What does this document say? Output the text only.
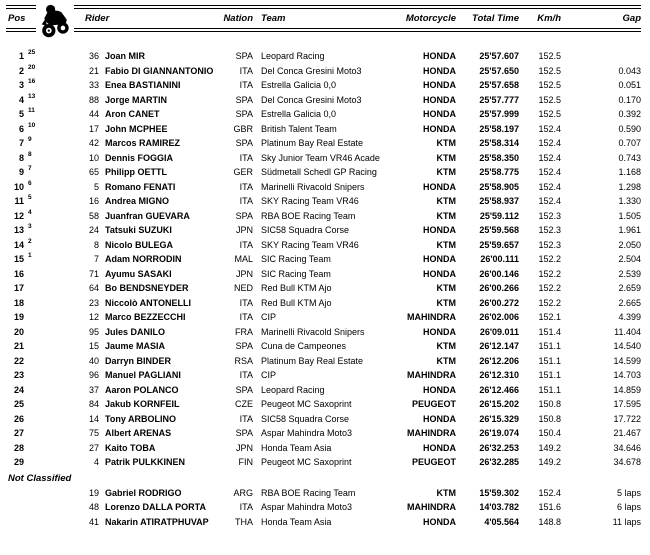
Pos	Rider	Nation Team	Motorcycle Total Time Km/h	Gap
1 25	36 Joan MIR	SPA Leopard Racing	HONDA	25'57.607	152.5
2 20	21 Fabio DI GIANNANTONIO	ITA Del Conca Gresini Moto3	HONDA	25'57.650	152.5	0.043
3 16	33 Enea BASTIANINI	ITA Estrella Galicia 0,0	HONDA	25'57.658	152.5	0.051
4 13	88 Jorge MARTIN	SPA Del Conca Gresini Moto3	HONDA	25'57.777	152.5	0.170
5 11	44 Aron CANET	SPA Estrella Galicia 0,0	HONDA	25'57.999	152.5	0.392
6 10	17 John MCPHEE	GBR British Talent Team	HONDA	25'58.197	152.4	0.590
7 9	42 Marcos RAMIREZ	SPA Platinum Bay Real Estate	KTM	25'58.314	152.4	0.707
8 8	10 Dennis FOGGIA	ITA Sky Junior Team VR46 Acade	KTM	25'58.350	152.4	0.743
9 7	65 Philipp OETTL	GER Südmetall Schedl GP Racing	KTM	25'58.775	152.4	1.168
10 6	5 Romano FENATI	ITA Marinelli Rivacold Snipers	HONDA	25'58.905	152.4	1.298
11 5	16 Andrea MIGNO	ITA SKY Racing Team VR46	KTM	25'58.937	152.4	1.330
12 4	58 Juanfran GUEVARA	SPA RBA BOE Racing Team	KTM	25'59.112	152.3	1.505
13 3	24 Tatsuki SUZUKI	JPN SIC58 Squadra Corse	HONDA	25'59.568	152.3	1.961
14 2	8 Nicolo BULEGA	ITA SKY Racing Team VR46	KTM	25'59.657	152.3	2.050
15 1	7 Adam NORRODIN	MAL SIC Racing Team	HONDA	26'00.111	152.2	2.504
16	71 Ayumu SASAKI	JPN SIC Racing Team	HONDA	26'00.146	152.2	2.539
17	64 Bo BENDSNEYDER	NED Red Bull KTM Ajo	KTM	26'00.266	152.2	2.659
18	23 Niccolò ANTONELLI	ITA Red Bull KTM Ajo	KTM	26'00.272	152.2	2.665
19	12 Marco BEZZECCHI	ITA CIP	MAHINDRA	26'02.006	152.1	4.399
20	95 Jules DANILO	FRA Marinelli Rivacold Snipers	HONDA	26'09.011	151.4	11.404
21	15 Jaume MASIA	SPA Cuna de Campeones	KTM	26'12.147	151.1	14.540
22	40 Darryn BINDER	RSA Platinum Bay Real Estate	KTM	26'12.206	151.1	14.599
23	96 Manuel PAGLIANI	ITA CIP	MAHINDRA	26'12.310	151.1	14.703
24	37 Aaron POLANCO	SPA Leopard Racing	HONDA	26'12.466	151.1	14.859
25	84 Jakub KORNFEIL	CZE Peugeot MC Saxoprint	PEUGEOT	26'15.202	150.8	17.595
26	14 Tony ARBOLINO	ITA SIC58 Squadra Corse	HONDA	26'15.329	150.8	17.722
27	75 Albert ARENAS	SPA Aspar Mahindra Moto3	MAHINDRA	26'19.074	150.4	21.467
28	27 Kaito TOBA	JPN Honda Team Asia	HONDA	26'32.253	149.2	34.646
29	4 Patrik PULKKINEN	FIN Peugeot MC Saxoprint	PEUGEOT	26'32.285	149.2	34.678
Not Classified
19 Gabriel RODRIGO	ARG RBA BOE Racing Team	KTM	15'59.302	152.4	5 laps
48 Lorenzo DALLA PORTA	ITA Aspar Mahindra Moto3	MAHINDRA	14'03.782	151.6	6 laps
41 Nakarin ATIRATPHUVAP	THA Honda Team Asia	HONDA	4'05.564	148.8	11 laps
